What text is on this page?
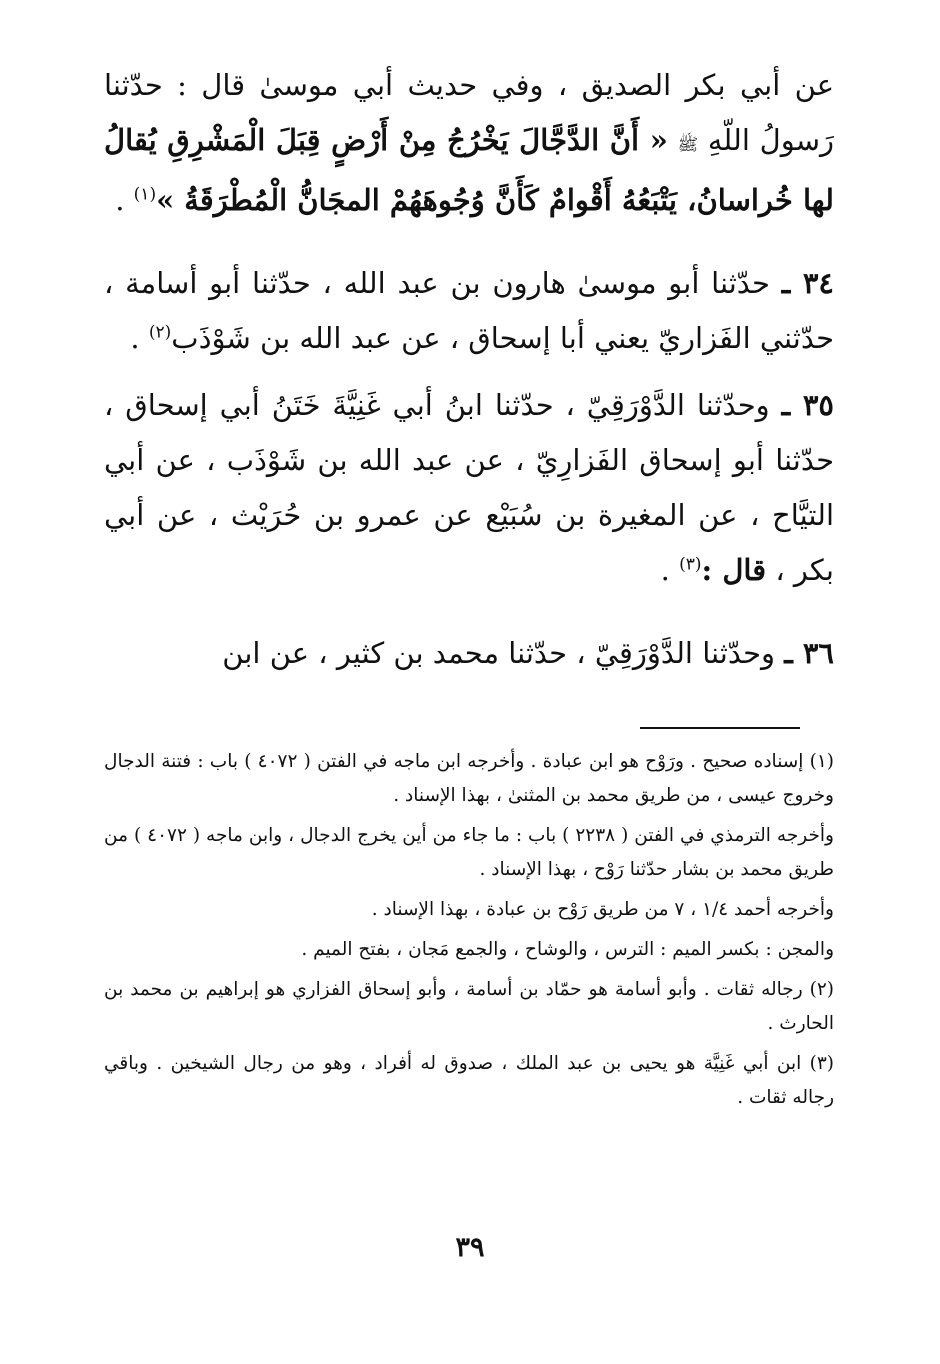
عن أبي بكر الصديق ، وفي حديث أبي موسىٰ قال : حدّثنا رَسولُ اللّهِ ﷺ « أَنَّ الدَّجَّالَ يَخْرُجُ مِنْ أَرْضٍ قِبَلَ الْمَشْرِقِ يُقالُ لها خُراسانُ، يَتْبَعُهُ أَقْوامٌ كَأَنَّ وُجُوهَهُمْ المجَانُّ الْمُطْرَقَةُ »$^{(١)}$ .

٣٤ ـ حدّثنا أبو موسىٰ هارون بن عبد الله ، حدّثنا أبو أسامة ، حدّثني الفَزاريّ يعني أبا إسحاق ، عن عبد الله بن شَوْذَب$^{(٢)}$ .

٣٥ ـ وحدّثنا الدَّوْرَقِيّ ، حدّثنا ابنُ أبي غَنِيَّةَ خَتَنُ أبي إسحاق ، حدّثنا أبو إسحاق الفَزارِيّ ، عن عبد الله بن شَوْذَب ، عن أبي التيَّاح ، عن المغيرة بن سُبَيْع عن عمرو بن حُرَيْث ، عن أبي بكر ، قال :$^{(٣)}$ .

٣٦ ـ وحدّثنا الدَّوْرَقِيّ ، حدّثنا محمد بن كثير ، عن ابن

(١) إسناده صحيح . ورَوْح هو ابن عبادة . وأخرجه ابن ماجه في الفتن ( ٤٠٧٢ ) باب : فتنة الدجال وخروج عيسى ، من طريق محمد بن المثنىٰ ، بهذا الإسناد .

وأخرجه الترمذي في الفتن ( ٢٢٣٨ ) باب : ما جاء من أين يخرج الدجال ، وابن ماجه ( ٤٠٧٢ ) من طريق محمد بن بشار حدّثنا رَوْح ، بهذا الإسناد .

وأخرجه أحمد ١/٤ ، ٧ من طريق رَوْح بن عبادة ، بهذا الإسناد .

والمجن : بكسر الميم : الترس ، والوشاح ، والجمع مَجان ، بفتح الميم .

(٢) رجاله ثقات . وأبو أسامة هو حمّاد بن أسامة ، وأبو إسحاق الفزاري هو إبراهيم بن محمد بن الحارث .

(٣) ابن أبي غَنِيَّة هو يحيى بن عبد الملك ، صدوق له أفراد ، وهو من رجال الشيخين . وباقي رجاله ثقات .

٣٩
